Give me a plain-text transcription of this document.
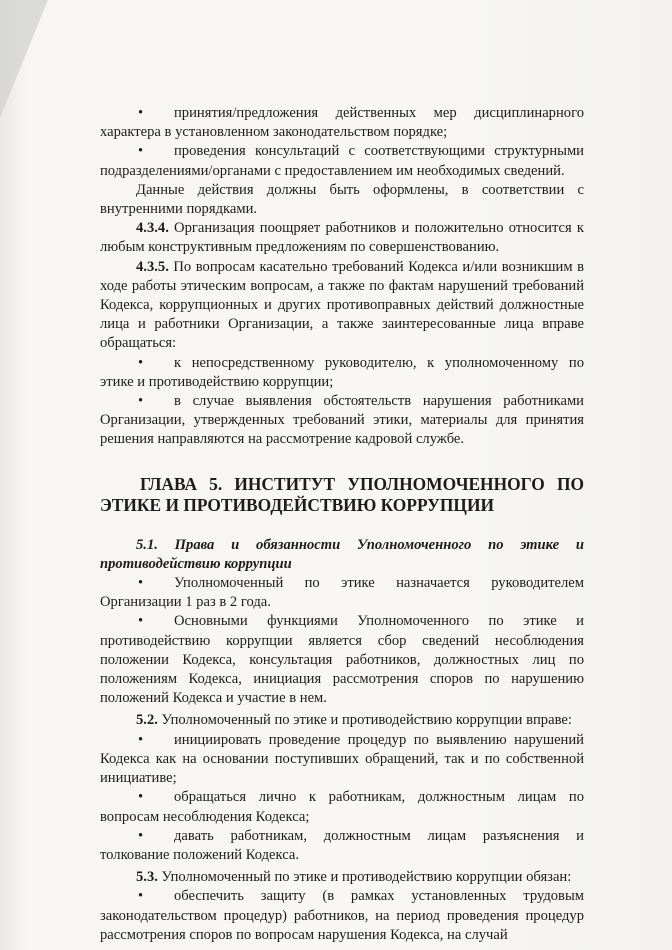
• принятия/предложения действенных мер дисциплинарного характера в установленном законодательством порядке;

• проведения консультаций с соответствующими структурными подразделениями/органами с предоставлением им необходимых сведений.

Данные действия должны быть оформлены, в соответствии с внутренними порядками.

4.3.4. Организация поощряет работников и положительно относится к любым конструктивным предложениям по совершенствованию.

4.3.5. По вопросам касательно требований Кодекса и/или возникшим в ходе работы этическим вопросам, а также по фактам нарушений требований Кодекса, коррупционных и других противоправных действий должностные лица и работники Организации, а также заинтересованные лица вправе обращаться:

• к непосредственному руководителю, к уполномоченному по этике и противодействию коррупции;

• в случае выявления обстоятельств нарушения работниками Организации, утвержденных требований этики, материалы для принятия решения направляются на рассмотрение кадровой службе.

ГЛАВА 5. ИНСТИТУТ УПОЛНОМОЧЕННОГО ПО ЭТИКЕ И ПРОТИВОДЕЙСТВИЮ КОРРУПЦИИ

5.1. Права и обязанности Уполномоченного по этике и противодействию коррупции

• Уполномоченный по этике назначается руководителем Организации 1 раз в 2 года.

• Основными функциями Уполномоченного по этике и противодействию коррупции является сбор сведений несоблюдения положении Кодекса, консультация работников, должностных лиц по положениям Кодекса, инициация рассмотрения споров по нарушению положений Кодекса и участие в нем.

5.2. Уполномоченный по этике и противодействию коррупции вправе:

• инициировать проведение процедур по выявлению нарушений Кодекса как на основании поступивших обращений, так и по собственной инициативе;

• обращаться лично к работникам, должностным лицам по вопросам несоблюдения Кодекса;

• давать работникам, должностным лицам разъяснения и толкование положений Кодекса.

5.3. Уполномоченный по этике и противодействию коррупции обязан:

• обеспечить защиту (в рамках установленных трудовым законодательством процедур) работников, на период проведения процедур рассмотрения споров по вопросам нарушения Кодекса, на случай
